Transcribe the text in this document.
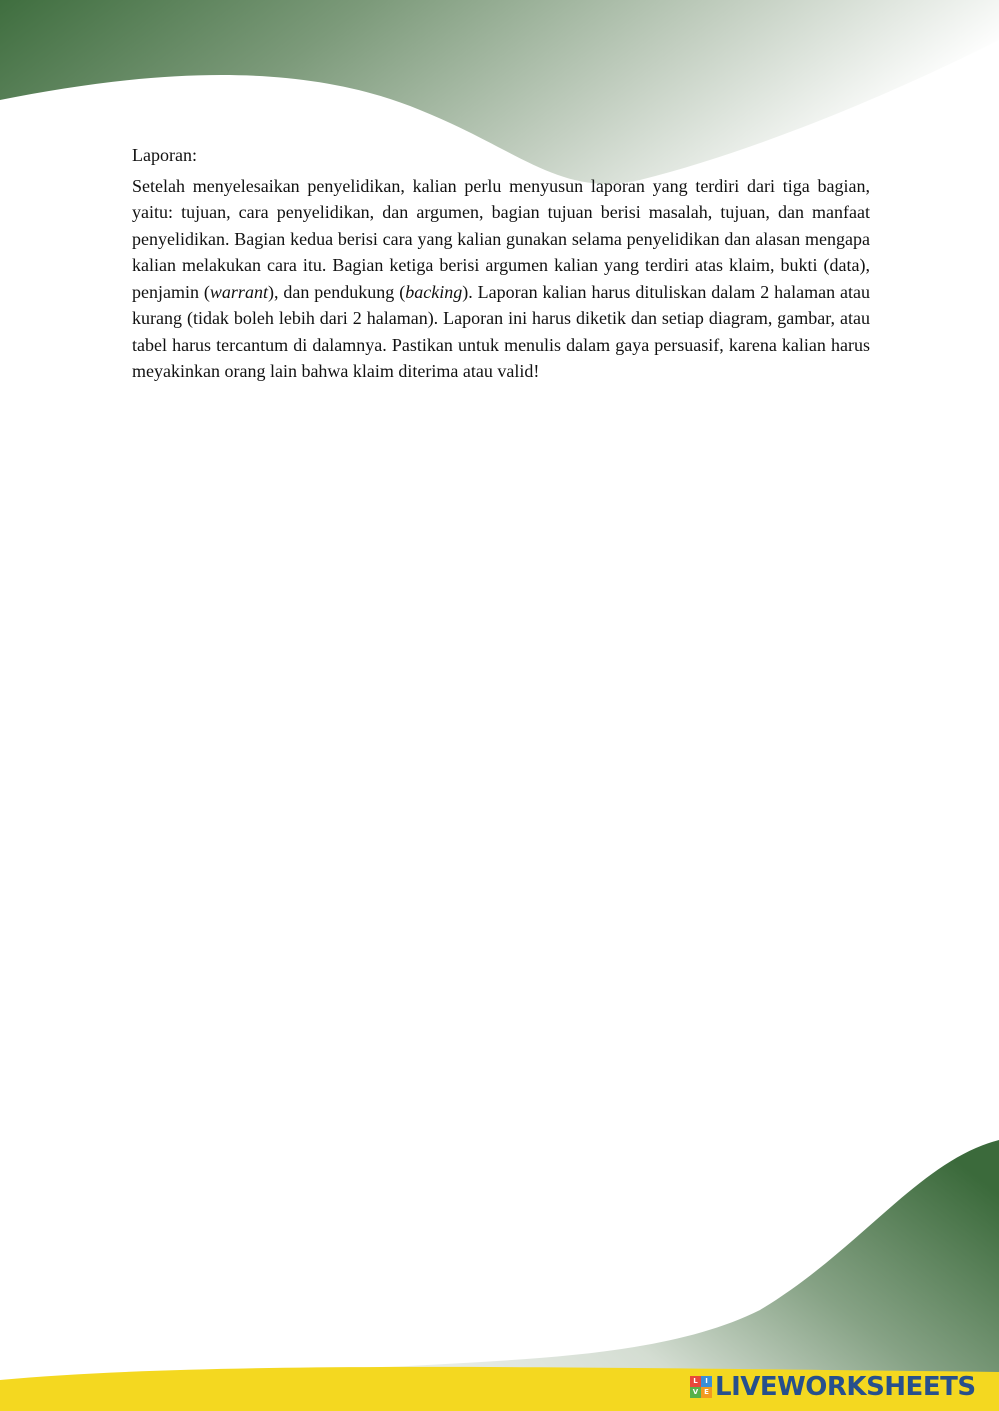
Laporan:

Setelah menyelesaikan penyelidikan, kalian perlu menyusun laporan yang terdiri dari tiga bagian, yaitu: tujuan, cara penyelidikan, dan argumen, bagian tujuan berisi masalah, tujuan, dan manfaat penyelidikan. Bagian kedua berisi cara yang kalian gunakan selama penyelidikan dan alasan mengapa kalian melakukan cara itu. Bagian ketiga berisi argumen kalian yang terdiri atas klaim, bukti (data), penjamin (warrant), dan pendukung (backing). Laporan kalian harus dituliskan dalam 2 halaman atau kurang (tidak boleh lebih dari 2 halaman). Laporan ini harus diketik dan setiap diagram, gambar, atau tabel harus tercantum di dalamnya. Pastikan untuk menulis dalam gaya persuasif, karena kalian harus meyakinkan orang lain bahwa klaim diterima atau valid!

L	I
V E LIVEWORKSHEETS
